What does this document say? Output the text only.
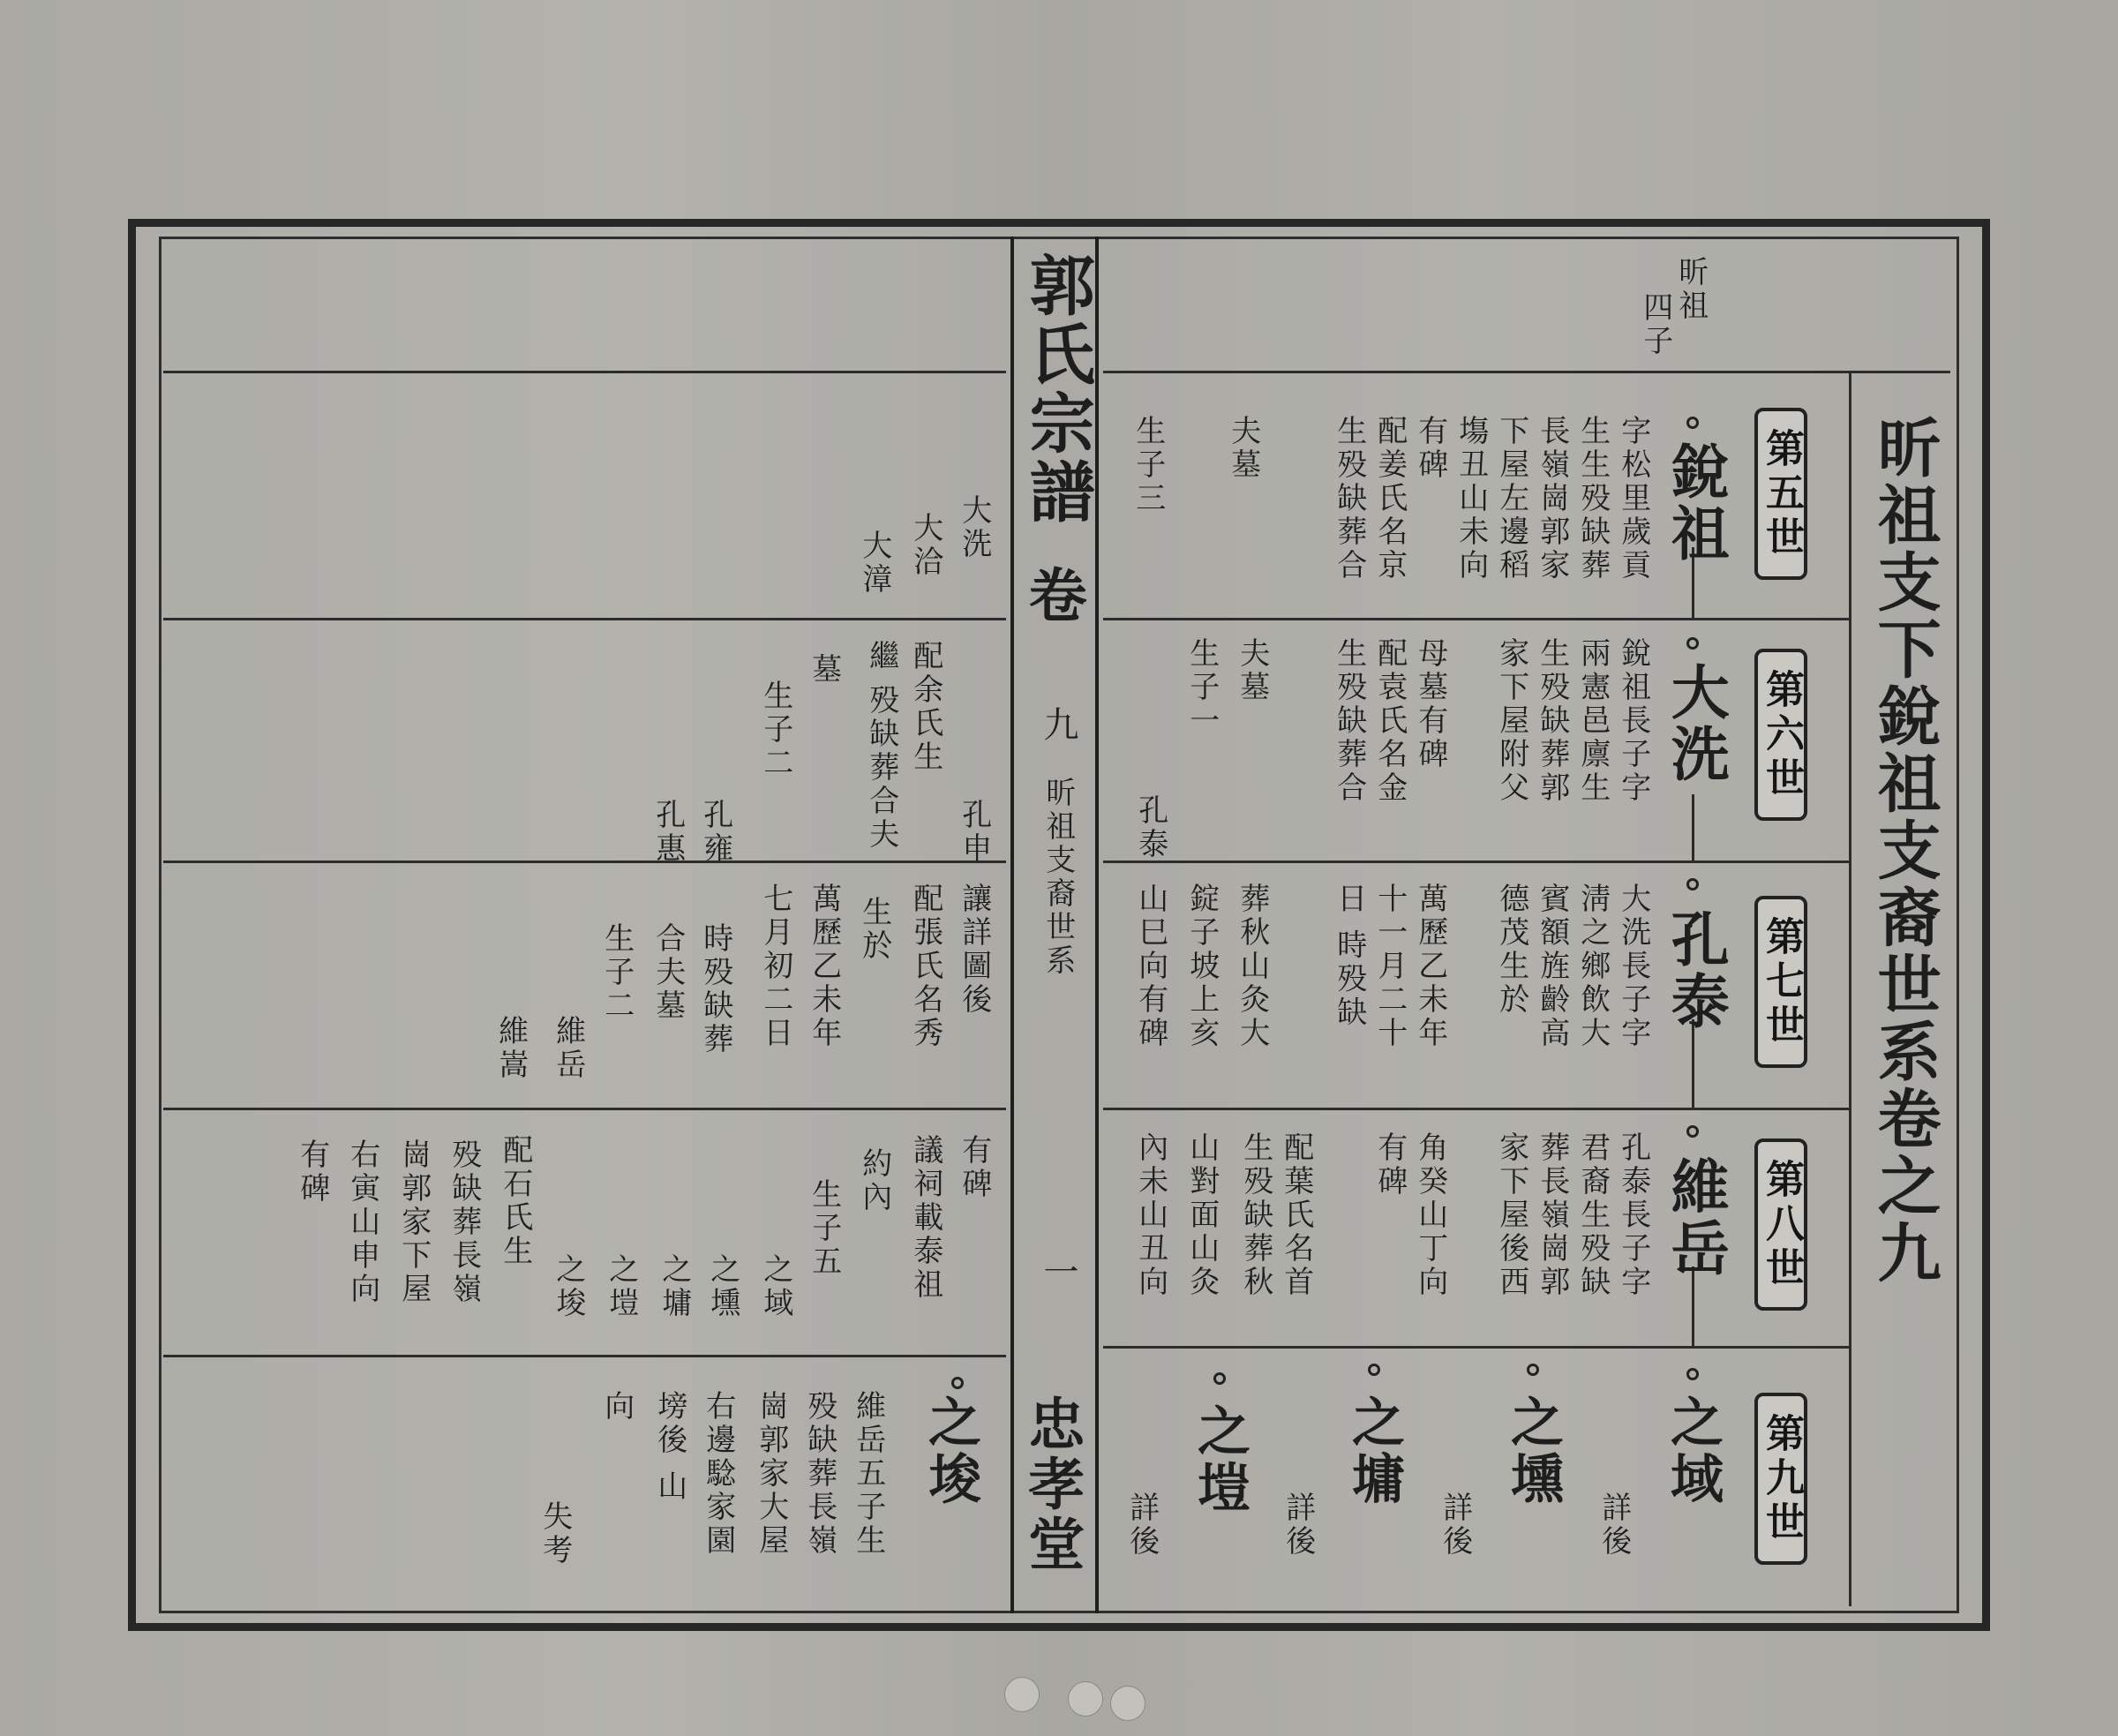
郭氏宗譜
卷
九
昕祖支裔世系
一
忠孝堂
昕祖支下銳祖支裔世系卷之九
昕祖
四子
第五世
第六世
第七世
第八世
第九世
銳祖
字松里歲貢
生生殁缺葬
長嶺崗郭家
下屋左邊稻
塲丑山未向
有碑
配姜氏名京
生殁缺葬合
夫墓
生子三
大洗
銳祖長子字
兩憲邑廪生
生殁缺葬郭
家下屋附父
母墓有碑
配袁氏名金
生殁缺葬合
夫墓
生子一
孔泰
孔泰
大洗長子字
淸之鄉飲大
賓額旌齡高
德茂生於
萬歷乙未年
十一月二十
日 時殁缺
葬秋山灸大
錠子坡上亥
山巳向有碑
維岳
孔泰長子字
君裔生殁缺
葬長嶺崗郭
家下屋後西
角癸山丁向
有碑
配葉氏名首
生殁缺葬秋
山對面山灸
內未山丑向
之域
詳後
之壎
詳後
之墉
詳後
之塏
詳後
大洗
大洽
大漳
孔申
配余氏生
繼
殁缺葬合夫
墓
生子二
孔雍
孔惠
讓詳圖後
配張氏名秀
生於
萬歷乙未年
七月初二日
時殁缺葬
合夫墓
生子二
維岳
維嵩
有碑
議祠載泰祖
約內
生子五
之域
之壎
之墉
之塏
之埈
配石氏生
殁缺葬長嶺
崗郭家下屋
右寅山申向
有碑
之埈
維岳五子生
殁缺葬長嶺
崗郭家大屋
右邊騐家園
塝後 山
向
失考
